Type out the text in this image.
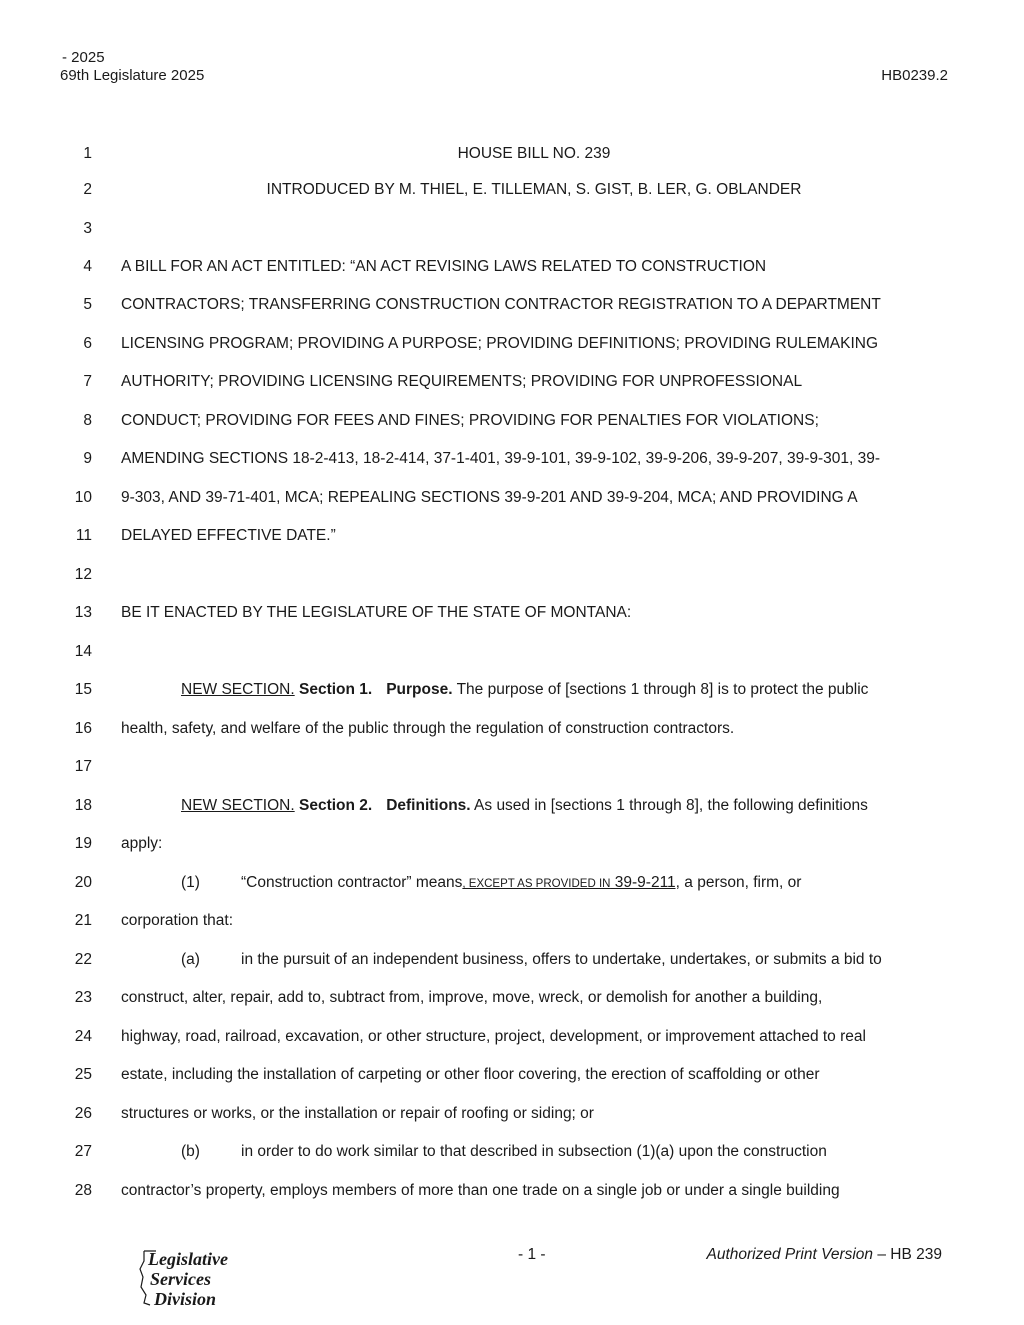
- 2025
69th Legislature 2025	HB0239.2
1	HOUSE BILL NO. 239
2	INTRODUCED BY M. THIEL, E. TILLEMAN, S. GIST, B. LER, G. OBLANDER
3
4 A BILL FOR AN ACT ENTITLED: “AN ACT REVISING LAWS RELATED TO CONSTRUCTION
5 CONTRACTORS; TRANSFERRING CONSTRUCTION CONTRACTOR REGISTRATION TO A DEPARTMENT
6 LICENSING PROGRAM; PROVIDING A PURPOSE; PROVIDING DEFINITIONS; PROVIDING RULEMAKING
7 AUTHORITY; PROVIDING LICENSING REQUIREMENTS; PROVIDING FOR UNPROFESSIONAL
8 CONDUCT; PROVIDING FOR FEES AND FINES; PROVIDING FOR PENALTIES FOR VIOLATIONS;
9 AMENDING SECTIONS 18-2-413, 18-2-414, 37-1-401, 39-9-101, 39-9-102, 39-9-206, 39-9-207, 39-9-301, 39-
10 9-303, AND 39-71-401, MCA; REPEALING SECTIONS 39-9-201 AND 39-9-204, MCA; AND PROVIDING A
11 DELAYED EFFECTIVE DATE.”
12
13 BE IT ENACTED BY THE LEGISLATURE OF THE STATE OF MONTANA:
14
15	NEW SECTION. Section 1. Purpose. The purpose of [sections 1 through 8] is to protect the public
16 health, safety, and welfare of the public through the regulation of construction contractors.
17
18	NEW SECTION. Section 2. Definitions. As used in [sections 1 through 8], the following definitions
19 apply:
20	(1)	“Construction contractor” means, EXCEPT AS PROVIDED IN 39-9-211, a person, firm, or
21 corporation that:
22	(a)	in the pursuit of an independent business, offers to undertake, undertakes, or submits a bid to
23 construct, alter, repair, add to, subtract from, improve, move, wreck, or demolish for another a building,
24 highway, road, railroad, excavation, or other structure, project, development, or improvement attached to real
25 estate, including the installation of carpeting or other floor covering, the erection of scaffolding or other
26 structures or works, or the installation or repair of roofing or siding; or
27	(b)	in order to do work similar to that described in subsection (1)(a) upon the construction
28 contractor’s property, employs members of more than one trade on a single job or under a single building
Legislative
Services
Division
- 1 -	Authorized Print Version – HB 239
